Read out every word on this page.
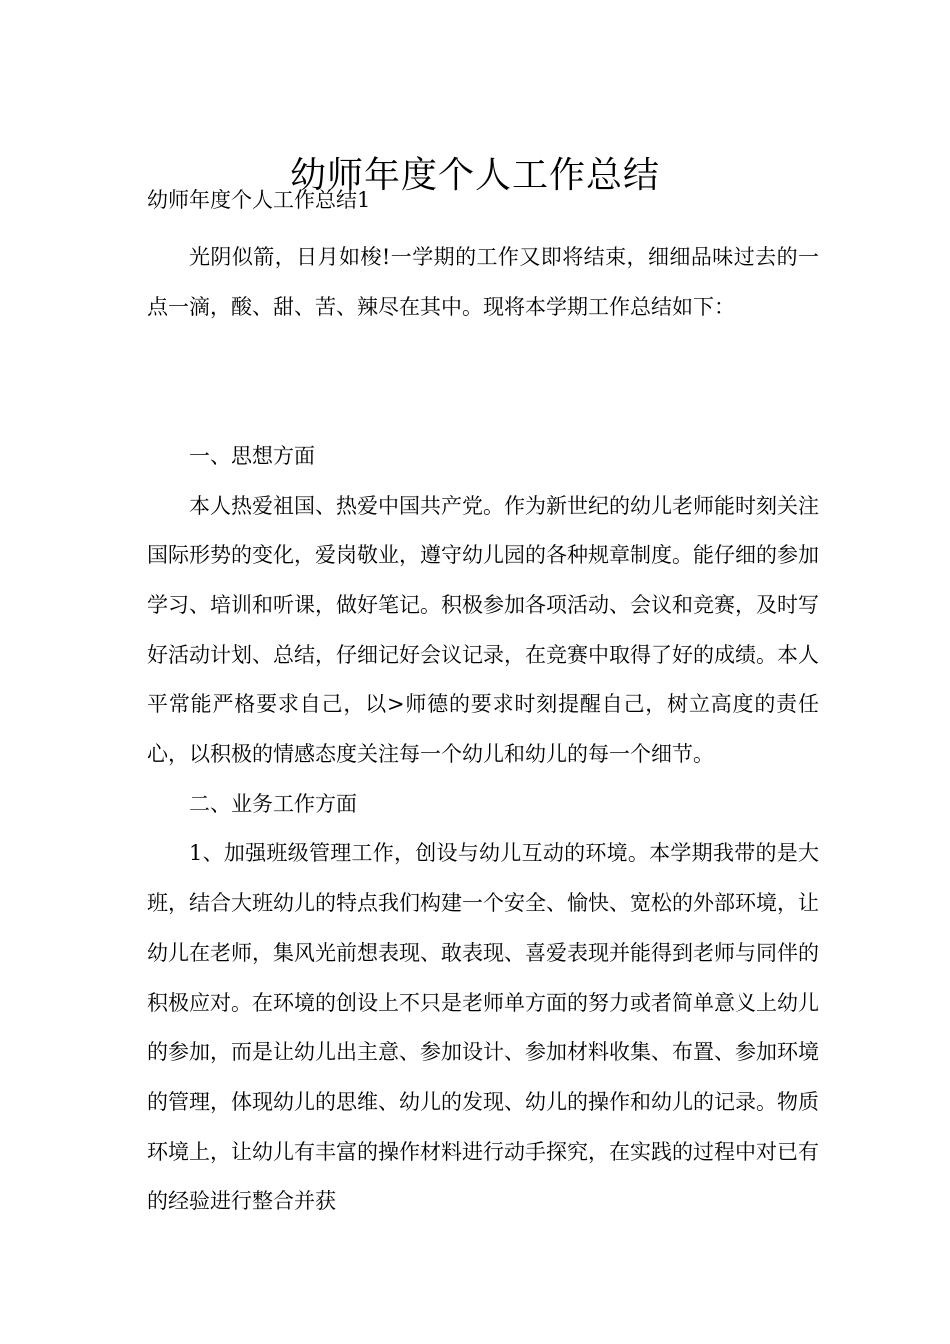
幼师年度个人工作总结
幼师年度个人工作总结1

光阴似箭，日月如梭!一学期的工作又即将结束，细细品味过去的一点一滴，酸、甜、苦、辣尽在其中。现将本学期工作总结如下：

一、思想方面

本人热爱祖国、热爱中国共产党。作为新世纪的幼儿老师能时刻关注国际形势的变化，爱岗敬业，遵守幼儿园的各种规章制度。能仔细的参加学习、培训和听课，做好笔记。积极参加各项活动、会议和竞赛，及时写好活动计划、总结，仔细记好会议记录，在竞赛中取得了好的成绩。本人平常能严格要求自己，以>师德的要求时刻提醒自己，树立高度的责任心，以积极的情感态度关注每一个幼儿和幼儿的每一个细节。

二、业务工作方面

1、加强班级管理工作，创设与幼儿互动的环境。本学期我带的是大班，结合大班幼儿的特点我们构建一个安全、愉快、宽松的外部环境，让幼儿在老师，集风光前想表现、敢表现、喜爱表现并能得到老师与同伴的积极应对。在环境的创设上不只是老师单方面的努力或者简单意义上幼儿的参加，而是让幼儿出主意、参加设计、参加材料收集、布置、参加环境的管理，体现幼儿的思维、幼儿的发现、幼儿的操作和幼儿的记录。物质环境上，让幼儿有丰富的操作材料进行动手探究，在实践的过程中对已有的经验进行整合并获
